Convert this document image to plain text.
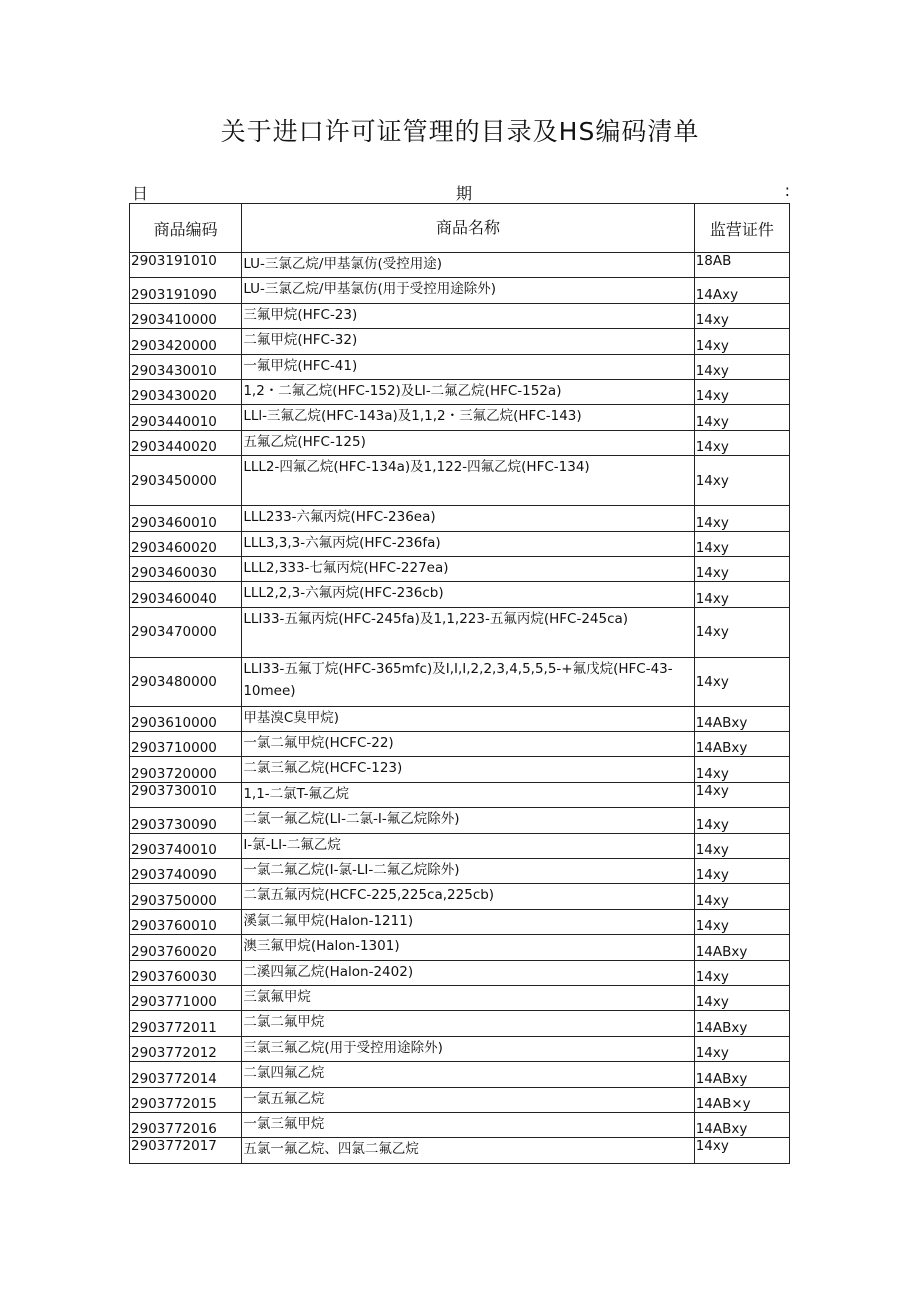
关于进口许可证管理的目录及HS编码清单
日	期	:
商品编码	商品名称	监营证件
2903191010	LU-三氯乙烷/甲基氯仿(受控用途)	18AB
2903191090	LU-三氯乙烷/甲基氯仿(用于受控用途除外)	14Axy
2903410000	三氟甲烷(HFC-23)	14xy
2903420000	二氟甲烷(HFC-32)	14xy
2903430010	一氟甲烷(HFC-41)	14xy
2903430020	1,2・二氟乙烷(HFC-152)及LI-二氟乙烷(HFC-152a)	14xy
2903440010	LLl-三氟乙烷(HFC-143a)及1,1,2・三氟乙烷(HFC-143)	14xy
2903440020	五氟乙烷(HFC-125)	14xy
2903450000	LLL2-四氟乙烷(HFC-134a)及1,122-四氟乙烷(HFC-134)	14xy
2903460010	LLL233-六氟丙烷(HFC-236ea)	14xy
2903460020	LLL3,3,3-六氟丙烷(HFC-236fa)	14xy
2903460030	LLL2,333-七氟丙烷(HFC-227ea)	14xy
2903460040	LLL2,2,3-六氟丙烷(HFC-236cb)	14xy
2903470000	LLI33-五氟丙烷(HFC-245fa)及1,1,223-五氟丙烷(HFC-245ca)	14xy
2903480000	LLI33-五氟丁烷(HFC-365mfc)及I,I,I,2,2,3,4,5,5,5-+氟戊烷(HFC-43-10mee)	14xy
2903610000	甲基溴C臭甲烷)	14ABxy
2903710000	一氯二氟甲烷(HCFC-22)	14ABxy
2903720000	二氯三氟乙烷(HCFC-123)	14xy
2903730010	1,1-二氯T-氟乙烷	14xy
2903730090	二氯一氟乙烷(LI-二氯-I-氟乙烷除外)	14xy
2903740010	I-氯-LI-二氟乙烷	14xy
2903740090	一氯二氟乙烷(I-氯-LI-二氟乙烷除外)	14xy
2903750000	二氯五氟丙烷(HCFC-225,225ca,225cb)	14xy
2903760010	溪氯二氟甲烷(Halon-1211)	14xy
2903760020	澳三氟甲烷(Halon-1301)	14ABxy
2903760030	二溪四氟乙烷(Halon-2402)	14xy
2903771000	三氯氟甲烷	14xy
2903772011	二氯二氟甲烷	14ABxy
2903772012	三氯三氟乙烷(用于受控用途除外)	14xy
2903772014	二氯四氟乙烷	14ABxy
2903772015	一氯五氟乙烷	14AB×y
2903772016	一氯三氟甲烷	14ABxy
2903772017	五氯一氟乙烷、四氯二氟乙烷	14xy
